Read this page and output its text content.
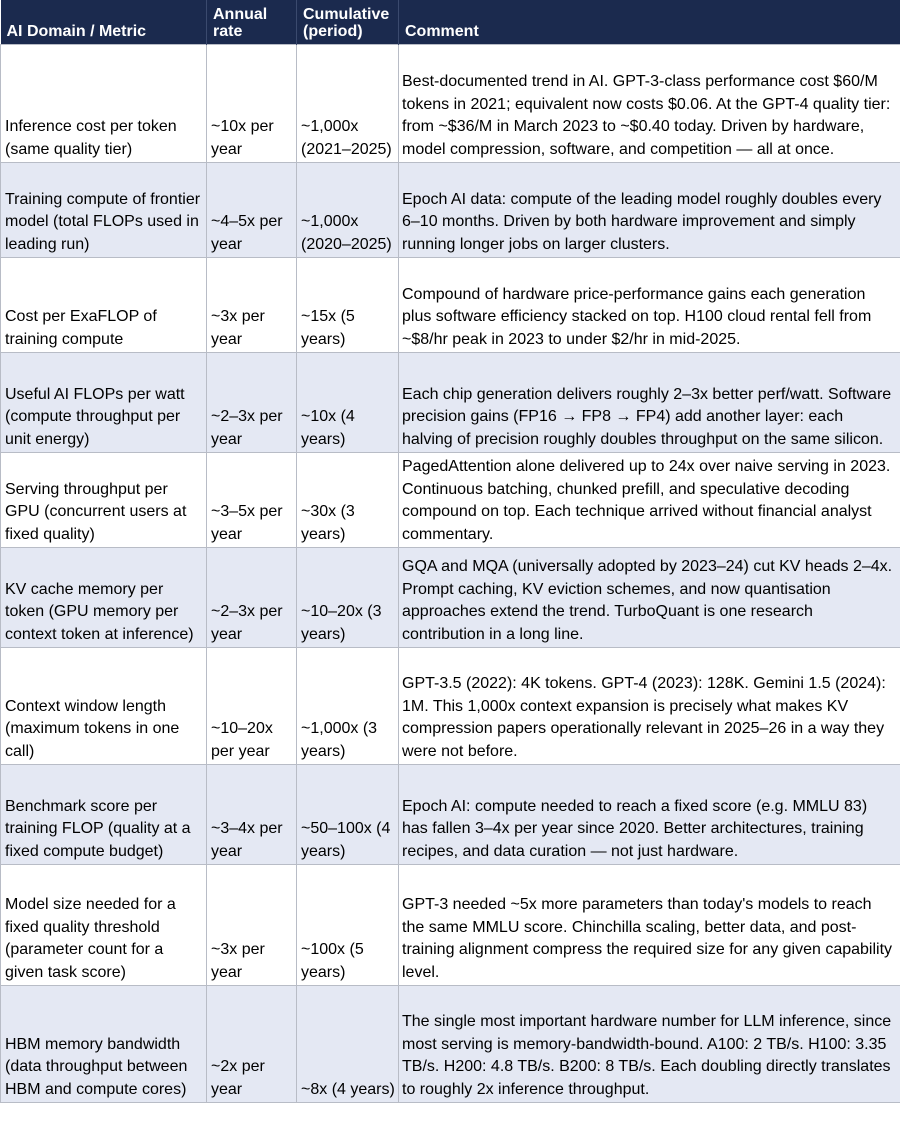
AI Domain / Metric	Annual rate	Cumulative (period)	Comment
Inference cost per token (same quality tier)	~10x per year	~1,000x (2021–2025)	Best-documented trend in AI. GPT-3-class performance cost $60/M tokens in 2021; equivalent now costs $0.06. At the GPT-4 quality tier: from ~$36/M in March 2023 to ~$0.40 today. Driven by hardware, model compression, software, and competition — all at once.
Training compute of frontier model (total FLOPs used in leading run)	~4–5x per year	~1,000x (2020–2025)	Epoch AI data: compute of the leading model roughly doubles every 6–10 months. Driven by both hardware improvement and simply running longer jobs on larger clusters.
Cost per ExaFLOP of training compute	~3x per year	~15x (5 years)	Compound of hardware price-performance gains each generation plus software efficiency stacked on top. H100 cloud rental fell from ~$8/hr peak in 2023 to under $2/hr in mid-2025.
Useful AI FLOPs per watt (compute throughput per unit energy)	~2–3x per year	~10x (4 years)	Each chip generation delivers roughly 2–3x better perf/watt. Software precision gains (FP16 → FP8 → FP4) add another layer: each halving of precision roughly doubles throughput on the same silicon.
Serving throughput per GPU (concurrent users at fixed quality)	~3–5x per year	~30x (3 years)	PagedAttention alone delivered up to 24x over naive serving in 2023. Continuous batching, chunked prefill, and speculative decoding compound on top. Each technique arrived without financial analyst commentary.
KV cache memory per token (GPU memory per context token at inference)	~2–3x per year	~10–20x (3 years)	GQA and MQA (universally adopted by 2023–24) cut KV heads 2–4x. Prompt caching, KV eviction schemes, and now quantisation approaches extend the trend. TurboQuant is one research contribution in a long line.
Context window length (maximum tokens in one call)	~10–20x per year	~1,000x (3 years)	GPT-3.5 (2022): 4K tokens. GPT-4 (2023): 128K. Gemini 1.5 (2024): 1M. This 1,000x context expansion is precisely what makes KV compression papers operationally relevant in 2025–26 in a way they were not before.
Benchmark score per training FLOP (quality at a fixed compute budget)	~3–4x per year	~50–100x (4 years)	Epoch AI: compute needed to reach a fixed score (e.g. MMLU 83) has fallen 3–4x per year since 2020. Better architectures, training recipes, and data curation — not just hardware.
Model size needed for a fixed quality threshold (parameter count for a given task score)	~3x per year	~100x (5 years)	GPT-3 needed ~5x more parameters than today's models to reach the same MMLU score. Chinchilla scaling, better data, and post-training alignment compress the required size for any given capability level.
HBM memory bandwidth (data throughput between HBM and compute cores)	~2x per year	~8x (4 years)	The single most important hardware number for LLM inference, since most serving is memory-bandwidth-bound. A100: 2 TB/s. H100: 3.35 TB/s. H200: 4.8 TB/s. B200: 8 TB/s. Each doubling directly translates to roughly 2x inference throughput.
